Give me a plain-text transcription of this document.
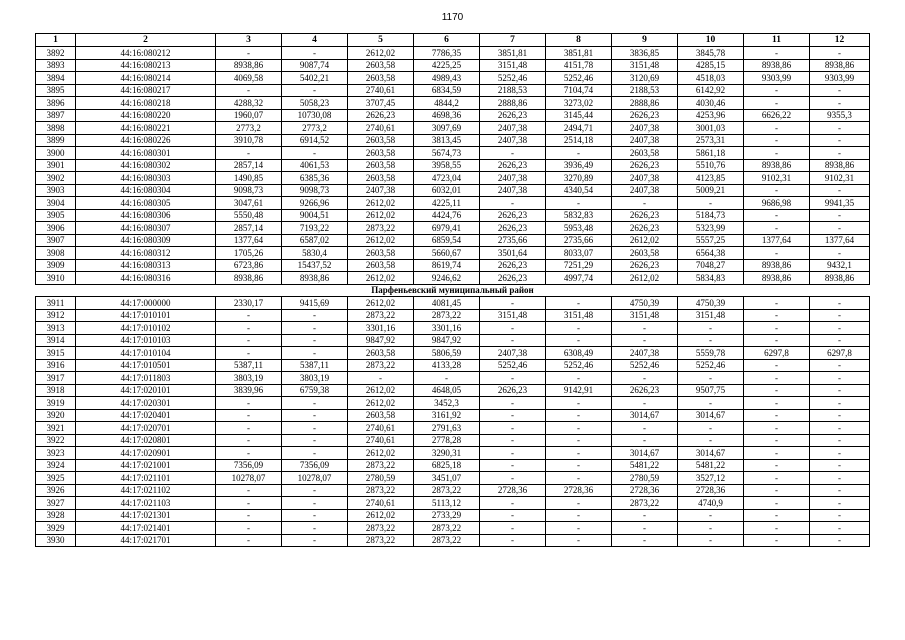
1170
1	2	3	4	5	6	7	8	9	10	11	12
3892	44:16:080212	-	-	2612,02	7786,35	3851,81	3851,81	3836,85	3845,78	-	-
3893	44:16:080213	8938,86	9087,74	2603,58	4225,25	3151,48	4151,78	3151,48	4285,15	8938,86	8938,86
3894	44:16:080214	4069,58	5402,21	2603,58	4989,43	5252,46	5252,46	3120,69	4518,03	9303,99	9303,99
3895	44:16:080217	-	-	2740,61	6834,59	2188,53	7104,74	2188,53	6142,92	-	-
3896	44:16:080218	4288,32	5058,23	3707,45	4844,2	2888,86	3273,02	2888,86	4030,46	-	-
3897	44:16:080220	1960,07	10730,08	2626,23	4698,36	2626,23	3145,44	2626,23	4253,96	6626,22	9355,3
3898	44:16:080221	2773,2	2773,2	2740,61	3097,69	2407,38	2494,71	2407,38	3001,03	-	-
3899	44:16:080226	3910,78	6914,52	2603,58	3813,45	2407,38	2514,18	2407,38	2573,31	-	-
3900	44:16:080301	-	-	2603,58	5674,73	-	-	2603,58	5861,18	-	-
3901	44:16:080302	2857,14	4061,53	2603,58	3958,55	2626,23	3936,49	2626,23	5510,76	8938,86	8938,86
3902	44:16:080303	1490,85	6385,36	2603,58	4723,04	2407,38	3270,89	2407,38	4123,85	9102,31	9102,31
3903	44:16:080304	9098,73	9098,73	2407,38	6032,01	2407,38	4340,54	2407,38	5009,21	-	-
3904	44:16:080305	3047,61	9266,96	2612,02	4225,11	-	-	-	-	9686,98	9941,35
3905	44:16:080306	5550,48	9004,51	2612,02	4424,76	2626,23	5832,83	2626,23	5184,73	-	-
3906	44:16:080307	2857,14	7193,22	2873,22	6979,41	2626,23	5953,48	2626,23	5323,99	-	-
3907	44:16:080309	1377,64	6587,02	2612,02	6859,54	2735,66	2735,66	2612,02	5557,25	1377,64	1377,64
3908	44:16:080312	1705,26	5830,4	2603,58	5660,67	3501,64	8033,07	2603,58	6564,38	-	-
3909	44:16:080313	6723,86	15437,52	2603,58	8619,74	2626,23	7251,29	2626,23	7048,27	8938,86	9432,1
3910	44:16:080316	8938,86	8938,86	2612,02	9246,62	2626,23	4997,74	2612,02	5834,83	8938,86	8938,86
Парфеньевский муниципальный район											
3911	44:17:000000	2330,17	9415,69	2612,02	4081,45	-	-	4750,39	4750,39	-	-
3912	44:17:010101	-	-	2873,22	2873,22	3151,48	3151,48	3151,48	3151,48	-	-
3913	44:17:010102	-	-	3301,16	3301,16	-	-	-	-	-	-
3914	44:17:010103	-	-	9847,92	9847,92	-	-	-	-	-	-
3915	44:17:010104	-	-	2603,58	5806,59	2407,38	6308,49	2407,38	5559,78	6297,8	6297,8
3916	44:17:010501	5387,11	5387,11	2873,22	4133,28	5252,46	5252,46	5252,46	5252,46	-	-
3917	44:17:011803	3803,19	3803,19	-	-	-	-	-	-	-	-
3918	44:17:020101	3839,96	6759,38	2612,02	4648,05	2626,23	9142,91	2626,23	9507,75	-	-
3919	44:17:020301	-	-	2612,02	3452,3	-	-	-	-	-	-
3920	44:17:020401	-	-	2603,58	3161,92	-	-	3014,67	3014,67	-	-
3921	44:17:020701	-	-	2740,61	2791,63	-	-	-	-	-	-
3922	44:17:020801	-	-	2740,61	2778,28	-	-	-	-	-	-
3923	44:17:020901	-	-	2612,02	3290,31	-	-	3014,67	3014,67	-	-
3924	44:17:021001	7356,09	7356,09	2873,22	6825,18	-	-	5481,22	5481,22	-	-
3925	44:17:021101	10278,07	10278,07	2780,59	3451,07	-	-	2780,59	3527,12	-	-
3926	44:17:021102	-	-	2873,22	2873,22	2728,36	2728,36	2728,36	2728,36	-	-
3927	44:17:021103	-	-	2740,61	5113,12	-	-	2873,22	4740,9	-	-
3928	44:17:021301	-	-	2612,02	2733,29	-	-	-	-	-	-
3929	44:17:021401	-	-	2873,22	2873,22	-	-	-	-	-	-
3930	44:17:021701	-	-	2873,22	2873,22	-	-	-	-	-	-
